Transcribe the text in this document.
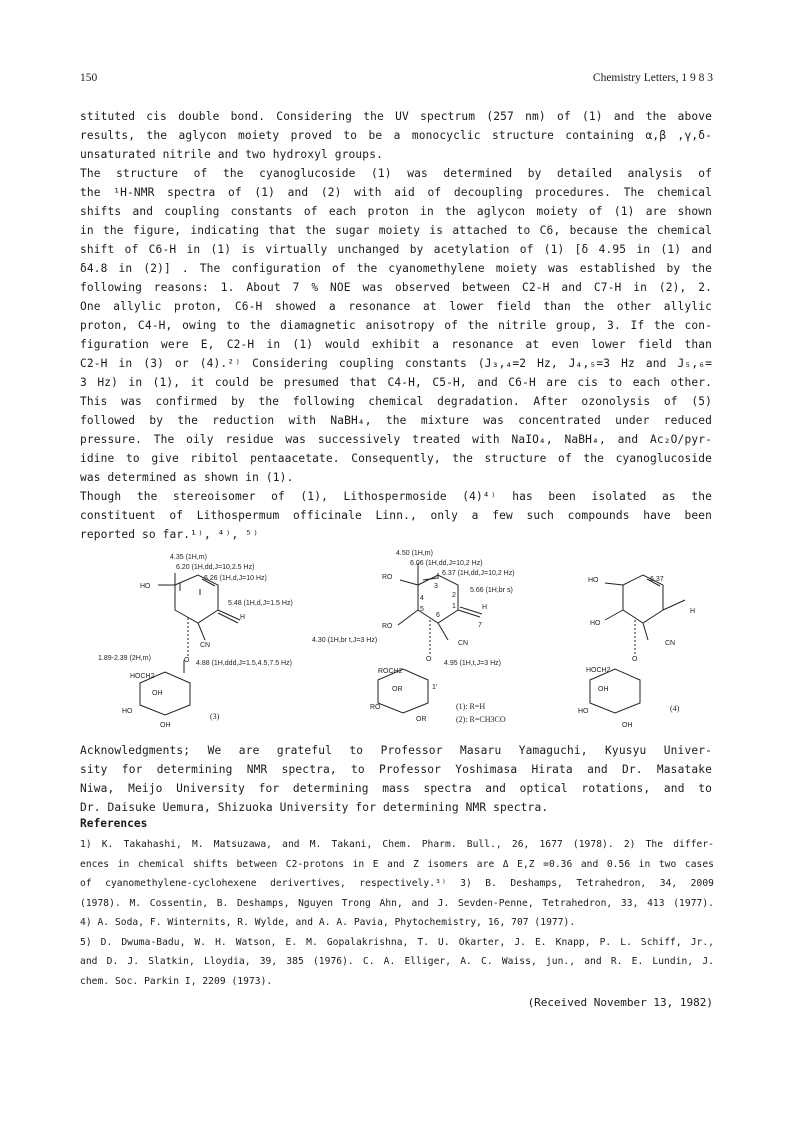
150	Chemistry Letters, 1 9 8 3
stituted cis double bond. Considering the UV spectrum (257 nm) of (1) and the above
results, the aglycon moiety proved to be a monocyclic structure containing α,β ,γ,δ-
unsaturated nitrile and two hydroxyl groups.
The structure of the cyanoglucoside (1) was determined by detailed analysis of
the ¹H-NMR spectra of (1) and (2) with aid of decoupling procedures. The chemical
shifts and coupling constants of each proton in the aglycon moiety of (1) are shown
in the figure, indicating that the sugar moiety is attached to C6, because the chemical
shift of C6-H in (1) is virtually unchanged by acetylation of (1) [δ 4.95 in (1) and
δ4.8 in (2)] . The configuration of the cyanomethylene moiety was established by the
following reasons: 1. About 7 % NOE was observed between C2-H and C7-H in (2), 2.
One allylic proton, C6-H showed a resonance at lower field than the other allylic
proton, C4-H, owing to the diamagnetic anisotropy of the nitrile group, 3. If the con-
figuration were E, C2-H in (1) would exhibit a resonance at even lower field than
C2-H in (3) or (4).²⁾ Considering coupling constants (J₃,₄=2 Hz, J₄,₅=3 Hz and J₅,₆=
3 Hz) in (1), it could be presumed that C4-H, C5-H, and C6-H are cis to each other.
This was confirmed by the following chemical degradation. After ozonolysis of (5)
followed by the reduction with NaBH₄, the mixture was concentrated under reduced
pressure. The oily residue was successively treated with NaIO₄, NaBH₄, and Ac₂O/pyr-
idine to give ribitol pentaacetate. Consequently, the structure of the cyanoglucoside
was determined as shown in (1).
Though the stereoisomer of (1), Lithospermoside (4)⁴⁾ has been isolated as the
constituent of Lithospermum officinale Linn., only a few such compounds have been
reported so far.¹⁾, ⁴⁾, ⁵⁾
4.35 (1H,m)
6.20 (1H,dd,J=10,2.5 Hz)
6.26 (1H,d,J=10 Hz)
5.48 (1H,d,J=1.5 Hz)
1.89-2.39 (2H,m)
4.88 (1H,ddd,J=1.5,4.5,7.5 Hz)
HO
H
CN
O
HOCH2
OH
HO
OH
(3)
4.50 (1H,m)
6.06 (1H,dd,J=10,2 Hz)
6.37 (1H,dd,J=10,2 Hz)
5.66 (1H,br s)
4.30 (1H,br t,J=3 Hz)
4.95 (1H,t,J=3 Hz)
RO
RO
H
CN
O
ROCH2
OR
RO
OR
4
3
2
1
5
6
7
1'
(1): R=H
(2): R=CH3CO
HO	6,37
H
HO
CN
O
HOCH2
OH
HO
OH
(4)
Acknowledgments; We are grateful to Professor Masaru Yamaguchi, Kyusyu Univer-
sity for determining NMR spectra, to Professor Yoshimasa Hirata and Dr. Masatake
Niwa, Meijo University for determining mass spectra and optical rotations, and to
Dr. Daisuke Uemura, Shizuoka University for determining NMR spectra.
References
1) K. Takahashi, M. Matsuzawa, and M. Takani, Chem. Pharm. Bull., 26, 1677 (1978). 2) The differ-
ences in chemical shifts between C2-protons in E and Z isomers are Δ E,Z =0.36 and 0.56 in two cases
of cyanomethylene-cyclohexene derivertives, respectively.³⁾ 3) B. Deshamps, Tetrahedron, 34, 2009
(1978). M. Cossentin, B. Deshamps, Nguyen Trong Ahn, and J. Sevden-Penne, Tetrahedron, 33, 413 (1977).
4) A. Soda, F. Winternits, R. Wylde, and A. A. Pavia, Phytochemistry, 16, 707 (1977).
5) D. Dwuma-Badu, W. H. Watson, E. M. Gopalakrishna, T. U. Okarter, J. E. Knapp, P. L. Schiff, Jr.,
and D. J. Slatkin, Lloydia, 39, 385 (1976). C. A. Elliger, A. C. Waiss, jun., and R. E. Lundin, J.
chem. Soc. Parkin I, 2209 (1973).
(Received November 13, 1982)
